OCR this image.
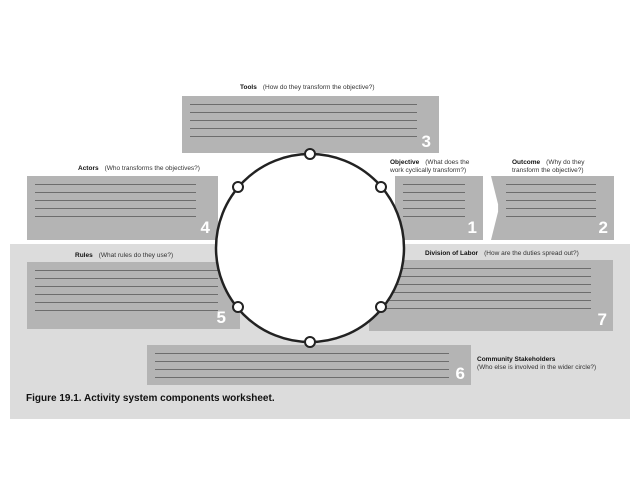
Tools (How do they transform the objective?)
3
Actors (Who transforms the objectives?)
4
Objective (What does the
work cyclically transform?)
1
Outcome (Why do they
transform the objective?)
2
Rules (What rules do they use?)
5
Division of Labor (How are the duties spread out?)
7
6
Community Stakeholders
(Who else is involved in the wider circle?)
Figure 19.1. Activity system components worksheet.
